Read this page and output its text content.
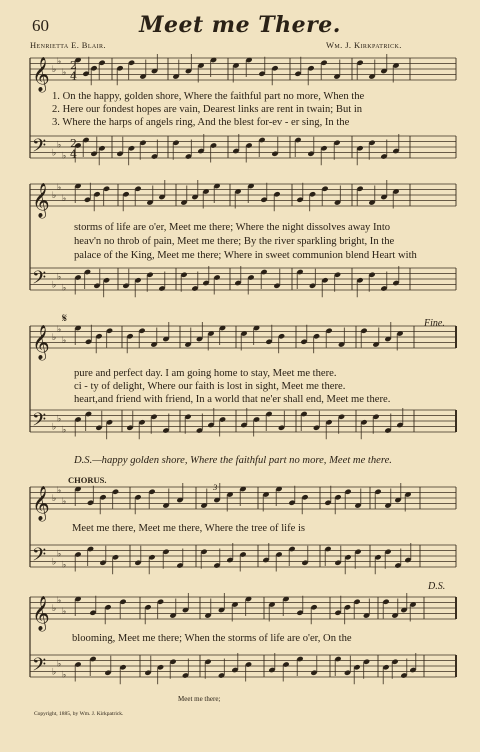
𝄞 ♭
♭
♭
𝄢 ♭
♭
♭
𝄞 ♭
♭
♭
𝄢 ♭
♭
♭
𝄞 ♭
♭
♭
𝄢 ♭
♭
♭
𝄞 ♭
♭
♭
𝄢 ♭
♭
♭
𝄞 ♭
♭
♭
𝄢 ♭
♭
♭
2
4
2
4
𝄋
60	Meet me There.
Henrietta E. Blair.	Wm. J. Kirkpatrick.
1. On the happy, golden shore, Where the faithful part no more, When the
2. Here our fondest hopes are vain, Dearest links are rent in twain; But in
3. Where the harps of angels ring, And the blest for-ev - er sing, In the
storms of life are o'er, Meet me there; Where the night dissolves away Into
heav'n no throb of pain, Meet me there; By the river sparkling bright, In the
palace of the King, Meet me there; Where in sweet communion blend Heart with
Fine.
pure and perfect day. I am going home to stay, Meet me there.
ci - ty of delight, Where our faith is lost in sight, Meet me there.
heart,and friend with friend, In a world that ne'er shall end, Meet me there.
D.S.—happy golden shore, Where the faithful part no more, Meet me there.
CHORUS.
3
Meet me there, Meet me there, Where the tree of life is
D.S.
blooming, Meet me there; When the storms of life are o'er, On the
Meet me there;
Copyright, 1885, by Wm. J. Kirkpatrick.
